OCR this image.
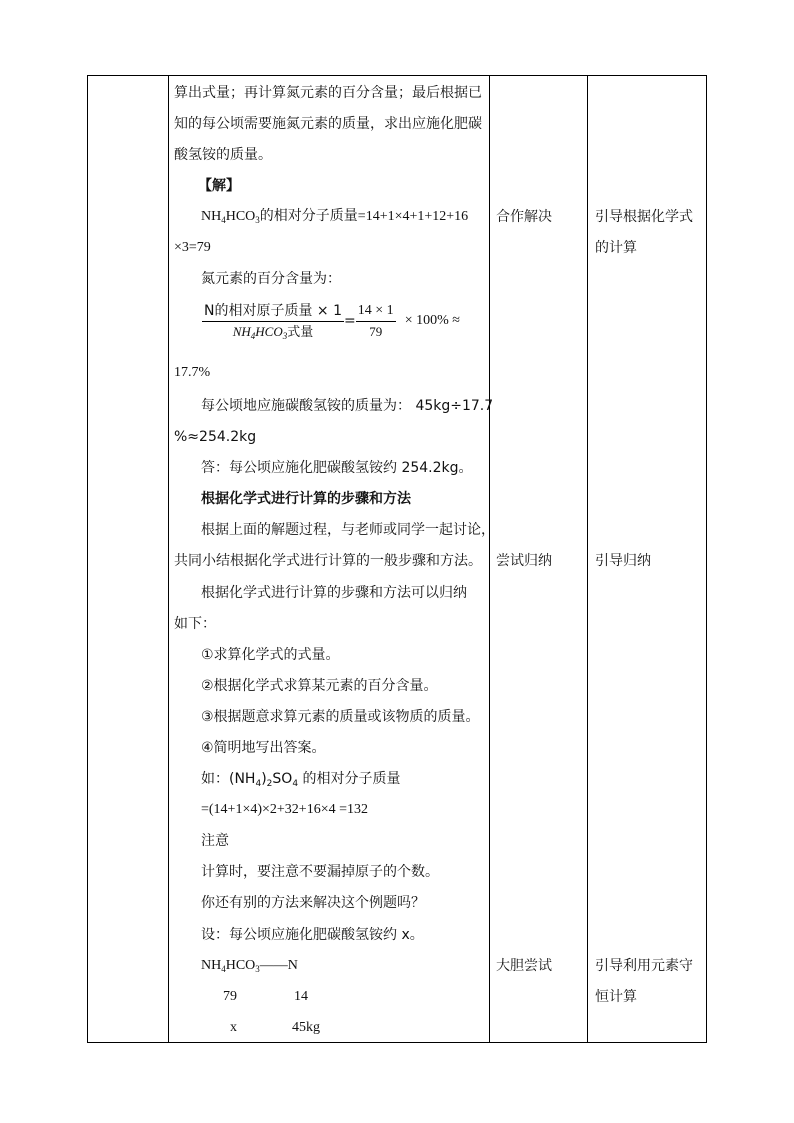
算出式量；再计算氮元素的百分含量；最后根据已
知的每公顷需要施氮元素的质量，求出应施化肥碳
酸氢铵的质量。
【解】
$NH_4HCO_3$的相对分子质量=14+1×4+1+12+16
×3=79
氮元素的百分含量为：
$\frac{\text{N的相对原子质量 × 1}}{NH_4HCO_3式量} = \frac{14 \times 1}{79} \times 100\%$ ≈
17.7%
每公顷地应施碳酸氢铵的质量为： 45kg÷17.7
%≈254.2kg
答：每公顷应施化肥碳酸氢铵约 254.2kg。
根据化学式进行计算的步骤和方法
根据上面的解题过程，与老师或同学一起讨论，
共同小结根据化学式进行计算的一般步骤和方法。
根据化学式进行计算的步骤和方法可以归纳
如下：
①求算化学式的式量。
②根据化学式求算某元素的百分含量。
③根据题意求算元素的质量或该物质的质量。
④简明地写出答案。
如：$(NH_4)_2SO_4$ 的相对分子质量
=(14+1×4)×2+32+16×4 =132
注意
计算时，要注意不要漏掉原子的个数。
你还有别的方法来解决这个例题吗？
设：每公顷应施化肥碳酸氢铵约 x。
$NH_4HCO_3——N$
79	14
x	45kg
合作解决
尝试归纳
大胆尝试
引导根据化学式
的计算
引导归纳
引导利用元素守
恒计算
